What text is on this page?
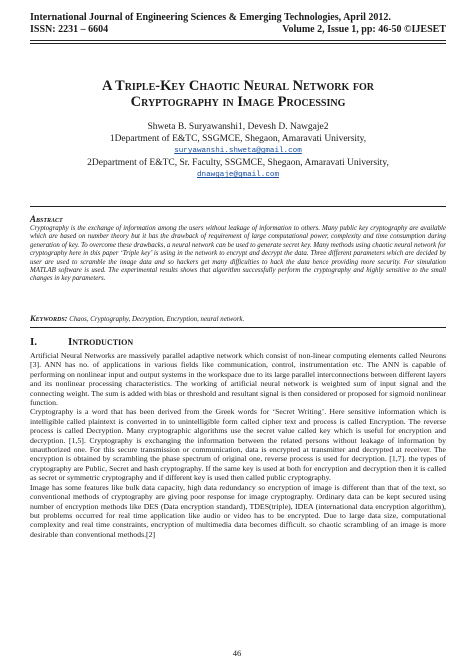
International Journal of Engineering Sciences & Emerging Technologies, April 2012.
ISSN: 2231 – 6604	Volume 2, Issue 1, pp: 46-50 ©IJESET
A Triple-Key Chaotic Neural Network for
Cryptography in Image Processing
Shweta B. Suryawanshi1, Devesh D. Nawgaje2
1Department of E&TC, SSGMCE, Shegaon, Amaravati University,
suryawanshi.shweta@gmail.com
2Department of E&TC, Sr. Faculty, SSGMCE, Shegaon, Amaravati University,
dnawgaje@gmail.com
Abstract
Cryptography is the exchange of information among the users without leakage of information to others. Many public key cryptography are available which are based on number theory but it has the drawback of requirement of large computational power, complexity and time consumption during generation of key. To overcome these drawbacks, a neural network can be used to generate secret key. Many methods using chaotic neural network for cryptography here in this paper ‘Triple key’ is using in the network to encrypt and decrypt the data. Three different parameters which are decided by user are used to scramble the image data and so hackers get many difficulties to hack the data hence providing more security. For simulation MATLAB software is used. The experimental results shows that algorithm successfully perform the cryptography and highly sensitive to the small changes in key parameters.
Keywords: Chaos, Cryptography, Decryption, Encryption, neural network.
I.	Introduction

Artificial Neural Networks are massively parallel adaptive network which consist of non-linear computing elements called Neurons [3]. ANN has no. of applications in various fields like communication, control, instrumentation etc. The ANN is capable of performing on nonlinear input and output systems in the workspace due to its large parallel interconnections between different layers and its nonlinear processing characteristics. The working of artificial neural network is weighted sum of input signal and the connecting weight. The sum is added with bias or threshold and resultant signal is then considered or proposed for sigmoid nonlinear function.

Cryptography is a word that has been derived from the Greek words for ‘Secret Writing’. Here sensitive information which is intelligible called plaintext is converted in to unintelligible form called cipher text and process is called Encryption. The reverse process is called Decryption. Many cryptographic algorithms use the secret value called key which is useful for encryption and decryption. [1,5]. Cryptography is exchanging the information between the related persons without leakage of information by unauthorized one. For this secure transmission or communication, data is encrypted at transmitter and decrypted at receiver. The encryption is obtained by scrambling the phase spectrum of original one, reverse process is used for decryption. [1,7]. the types of cryptography are Public, Secret and hash cryptography. If the same key is used at both for encryption and decryption then it is called as secret or symmetric cryptography and if different key is used then called public cryptography.

Image has some features like bulk data capacity, high data redundancy so encryption of image is different than that of the text, so conventional methods of cryptography are giving poor response for image cryptography. Ordinary data can be kept secured using number of encryption methods like DES (Data encryption standard), TDES(triple), IDEA (international data encryption algorithm), but problems occurred for real time application like audio or video has to be encrypted. Due to large data size, computational complexity and real time constraints, encryption of multimedia data becomes difficult. so chaotic scrambling of an image is more desirable than conventional methods.[2]

46
